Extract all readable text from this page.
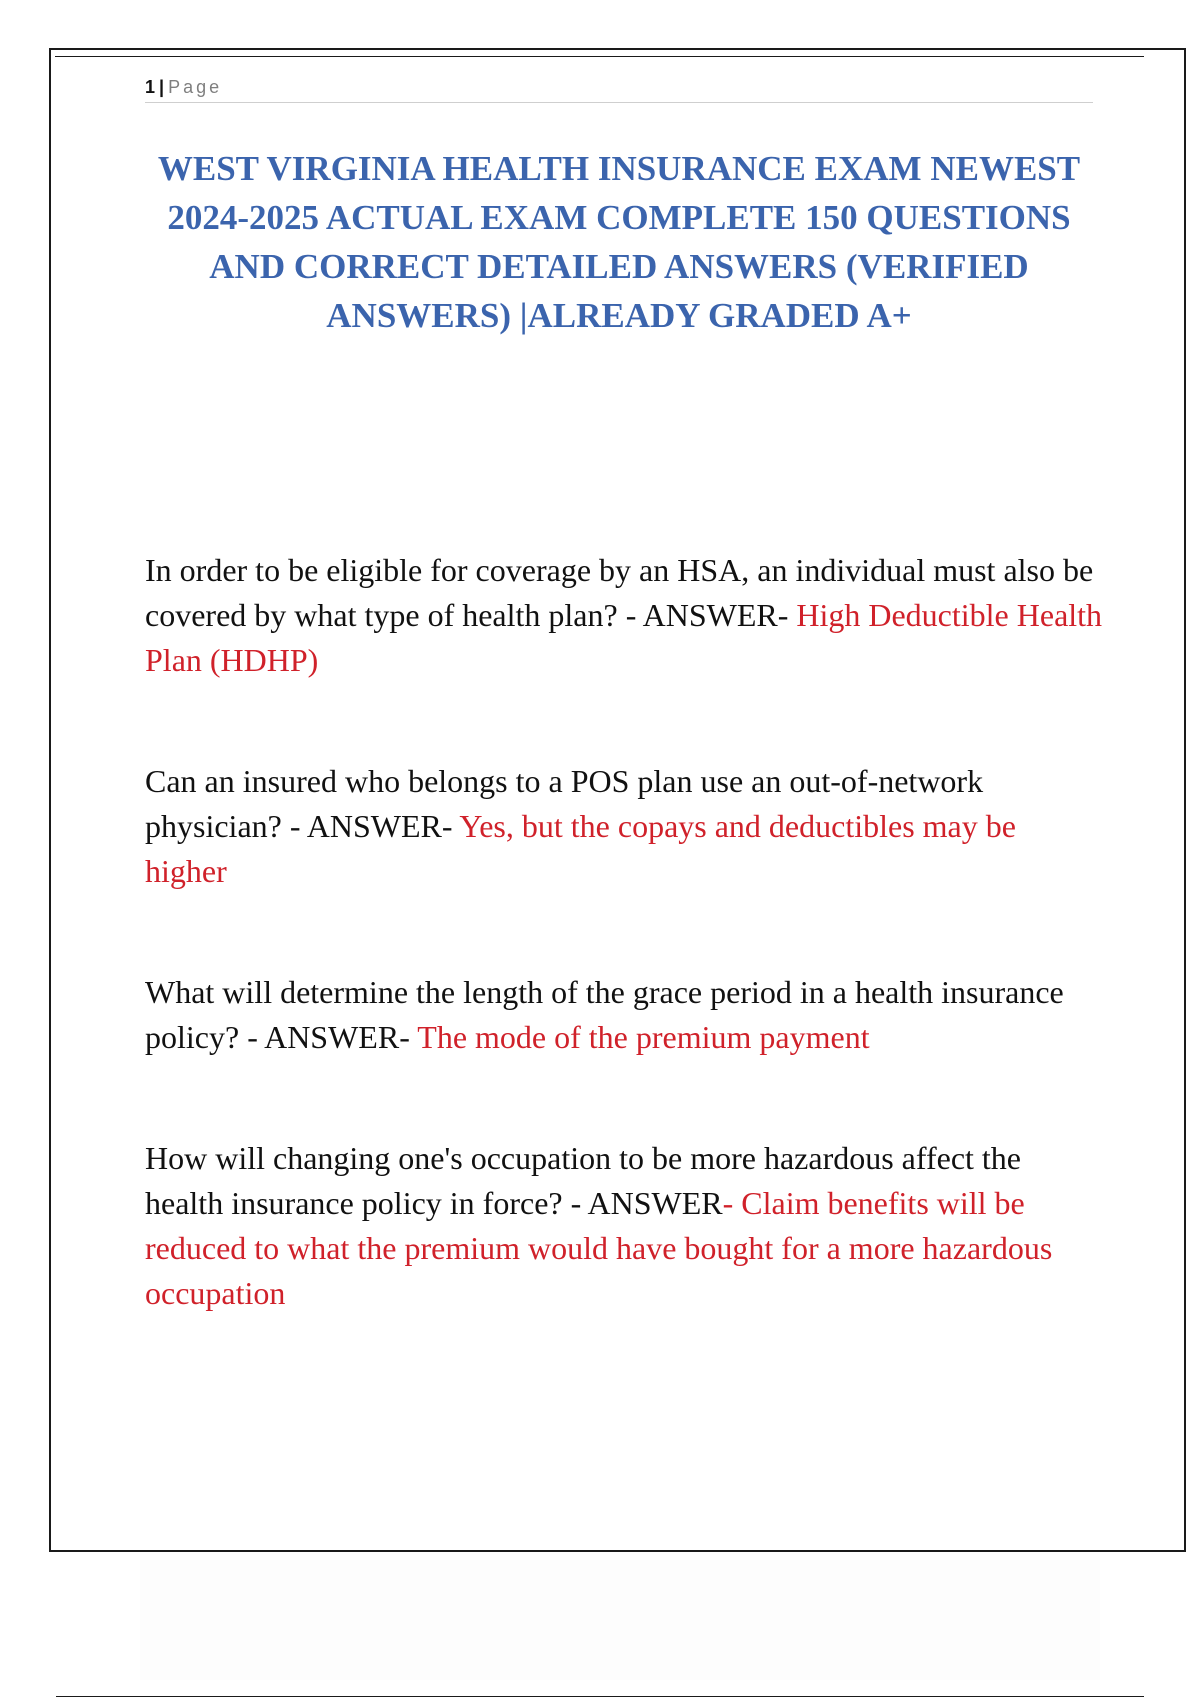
1 | Page
WEST VIRGINIA HEALTH INSURANCE EXAM NEWEST 2024-2025 ACTUAL EXAM COMPLETE 150 QUESTIONS AND CORRECT DETAILED ANSWERS (VERIFIED ANSWERS) |ALREADY GRADED A+
In order to be eligible for coverage by an HSA, an individual must also be covered by what type of health plan? - ANSWER- High Deductible Health Plan (HDHP)
Can an insured who belongs to a POS plan use an out-of-network physician? - ANSWER- Yes, but the copays and deductibles may be higher
What will determine the length of the grace period in a health insurance policy? - ANSWER- The mode of the premium payment
How will changing one's occupation to be more hazardous affect the health insurance policy in force? - ANSWER- Claim benefits will be reduced to what the premium would have bought for a more hazardous occupation
